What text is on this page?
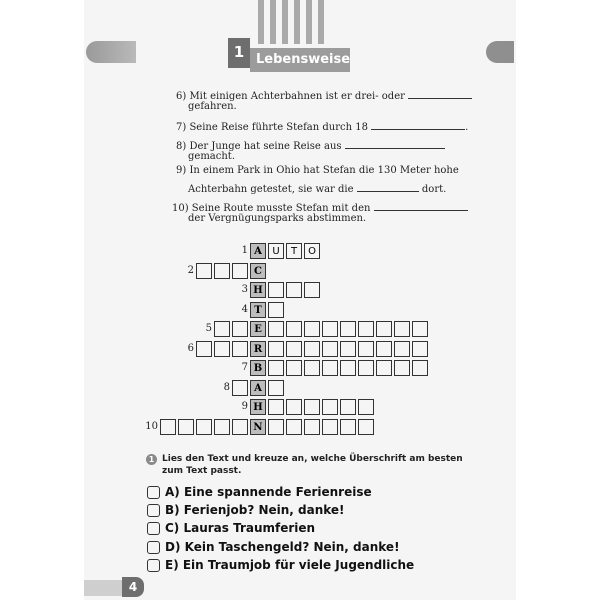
1 Lebensweise
6) Mit einigen Achterbahnen ist er drei- oder
gefahren.
7) Seine Reise führte Stefan durch 18	.
8) Der Junge hat seine Reise aus
gemacht.
9) In einem Park in Ohio hat Stefan die 130 Meter hohe
Achterbahn getestet, sie war die	dort.
10) Seine Route musste Stefan mit den
der Vergnügungsparks abstimmen.
1 A	U	T	O
2	C
3 H
4 T
5	E
6	R
7 B
8	A
9 H
10	N
1 Lies den Text und kreuze an, welche Überschrift am besten zum Text passt.
A) Eine spannende Ferienreise
B) Ferienjob? Nein, danke!
C) Lauras Traumferien
D) Kein Taschengeld? Nein, danke!
E) Ein Traumjob für viele Jugendliche
4
